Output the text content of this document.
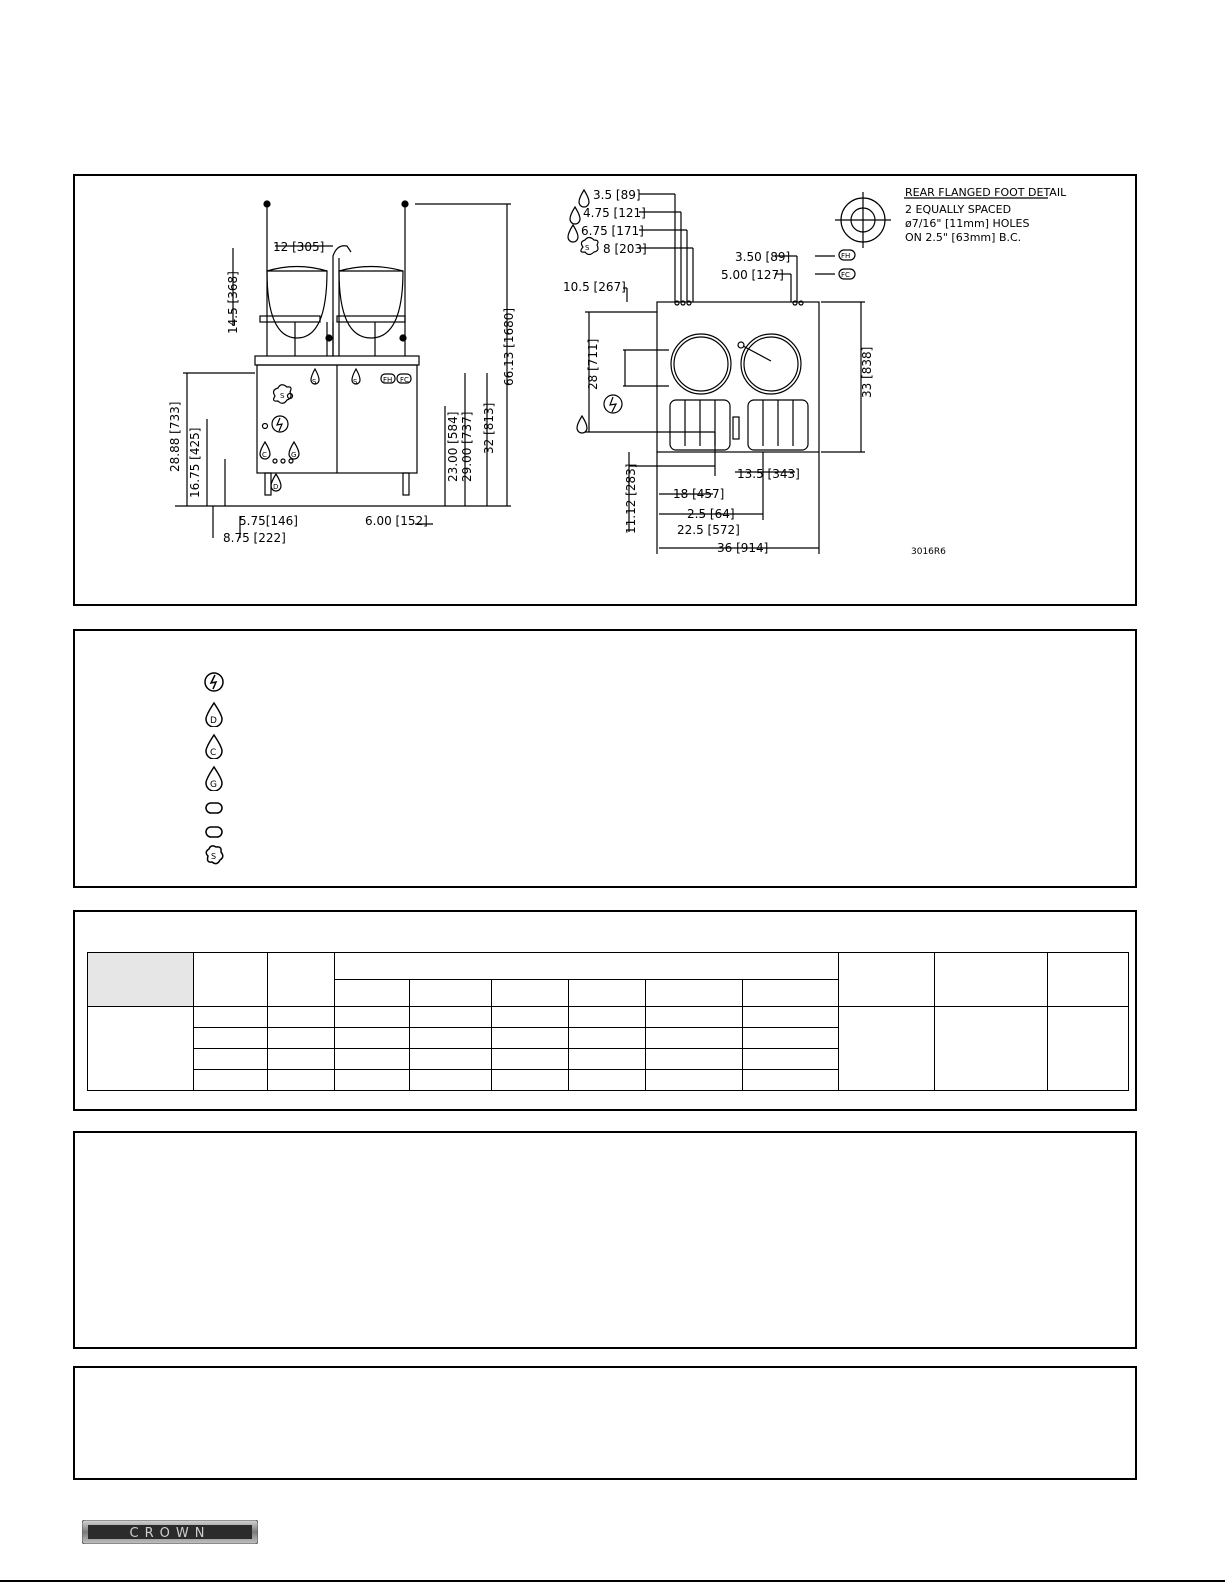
12 [305]
14.5 [368]
28.88 [733] 16.75 [425]
5.75[146]
8.75 [222]
6.00 [152]
23.00 [584] 29.00 [737] 32 [813]
66.13 [1680]
S	S	FH FC
C	G
D
S
3.5 [89]
4.75 [121]
6.75 [171]
8 [203]
3.50 [89]
5.00 [127]
10.5 [267]
28 [711]	33 [838]
13.5 [343]
18 [457]
2.5 [64]
22.5 [572]
11.12 [283]
36 [914]
FH
FC
S
REAR FLANGED FOOT DETAIL
2 EQUALLY SPACED
ø7/16" [11mm] HOLES
ON 2.5" [63mm] B.C.
3016R6
D
C
G
S

CROWN
